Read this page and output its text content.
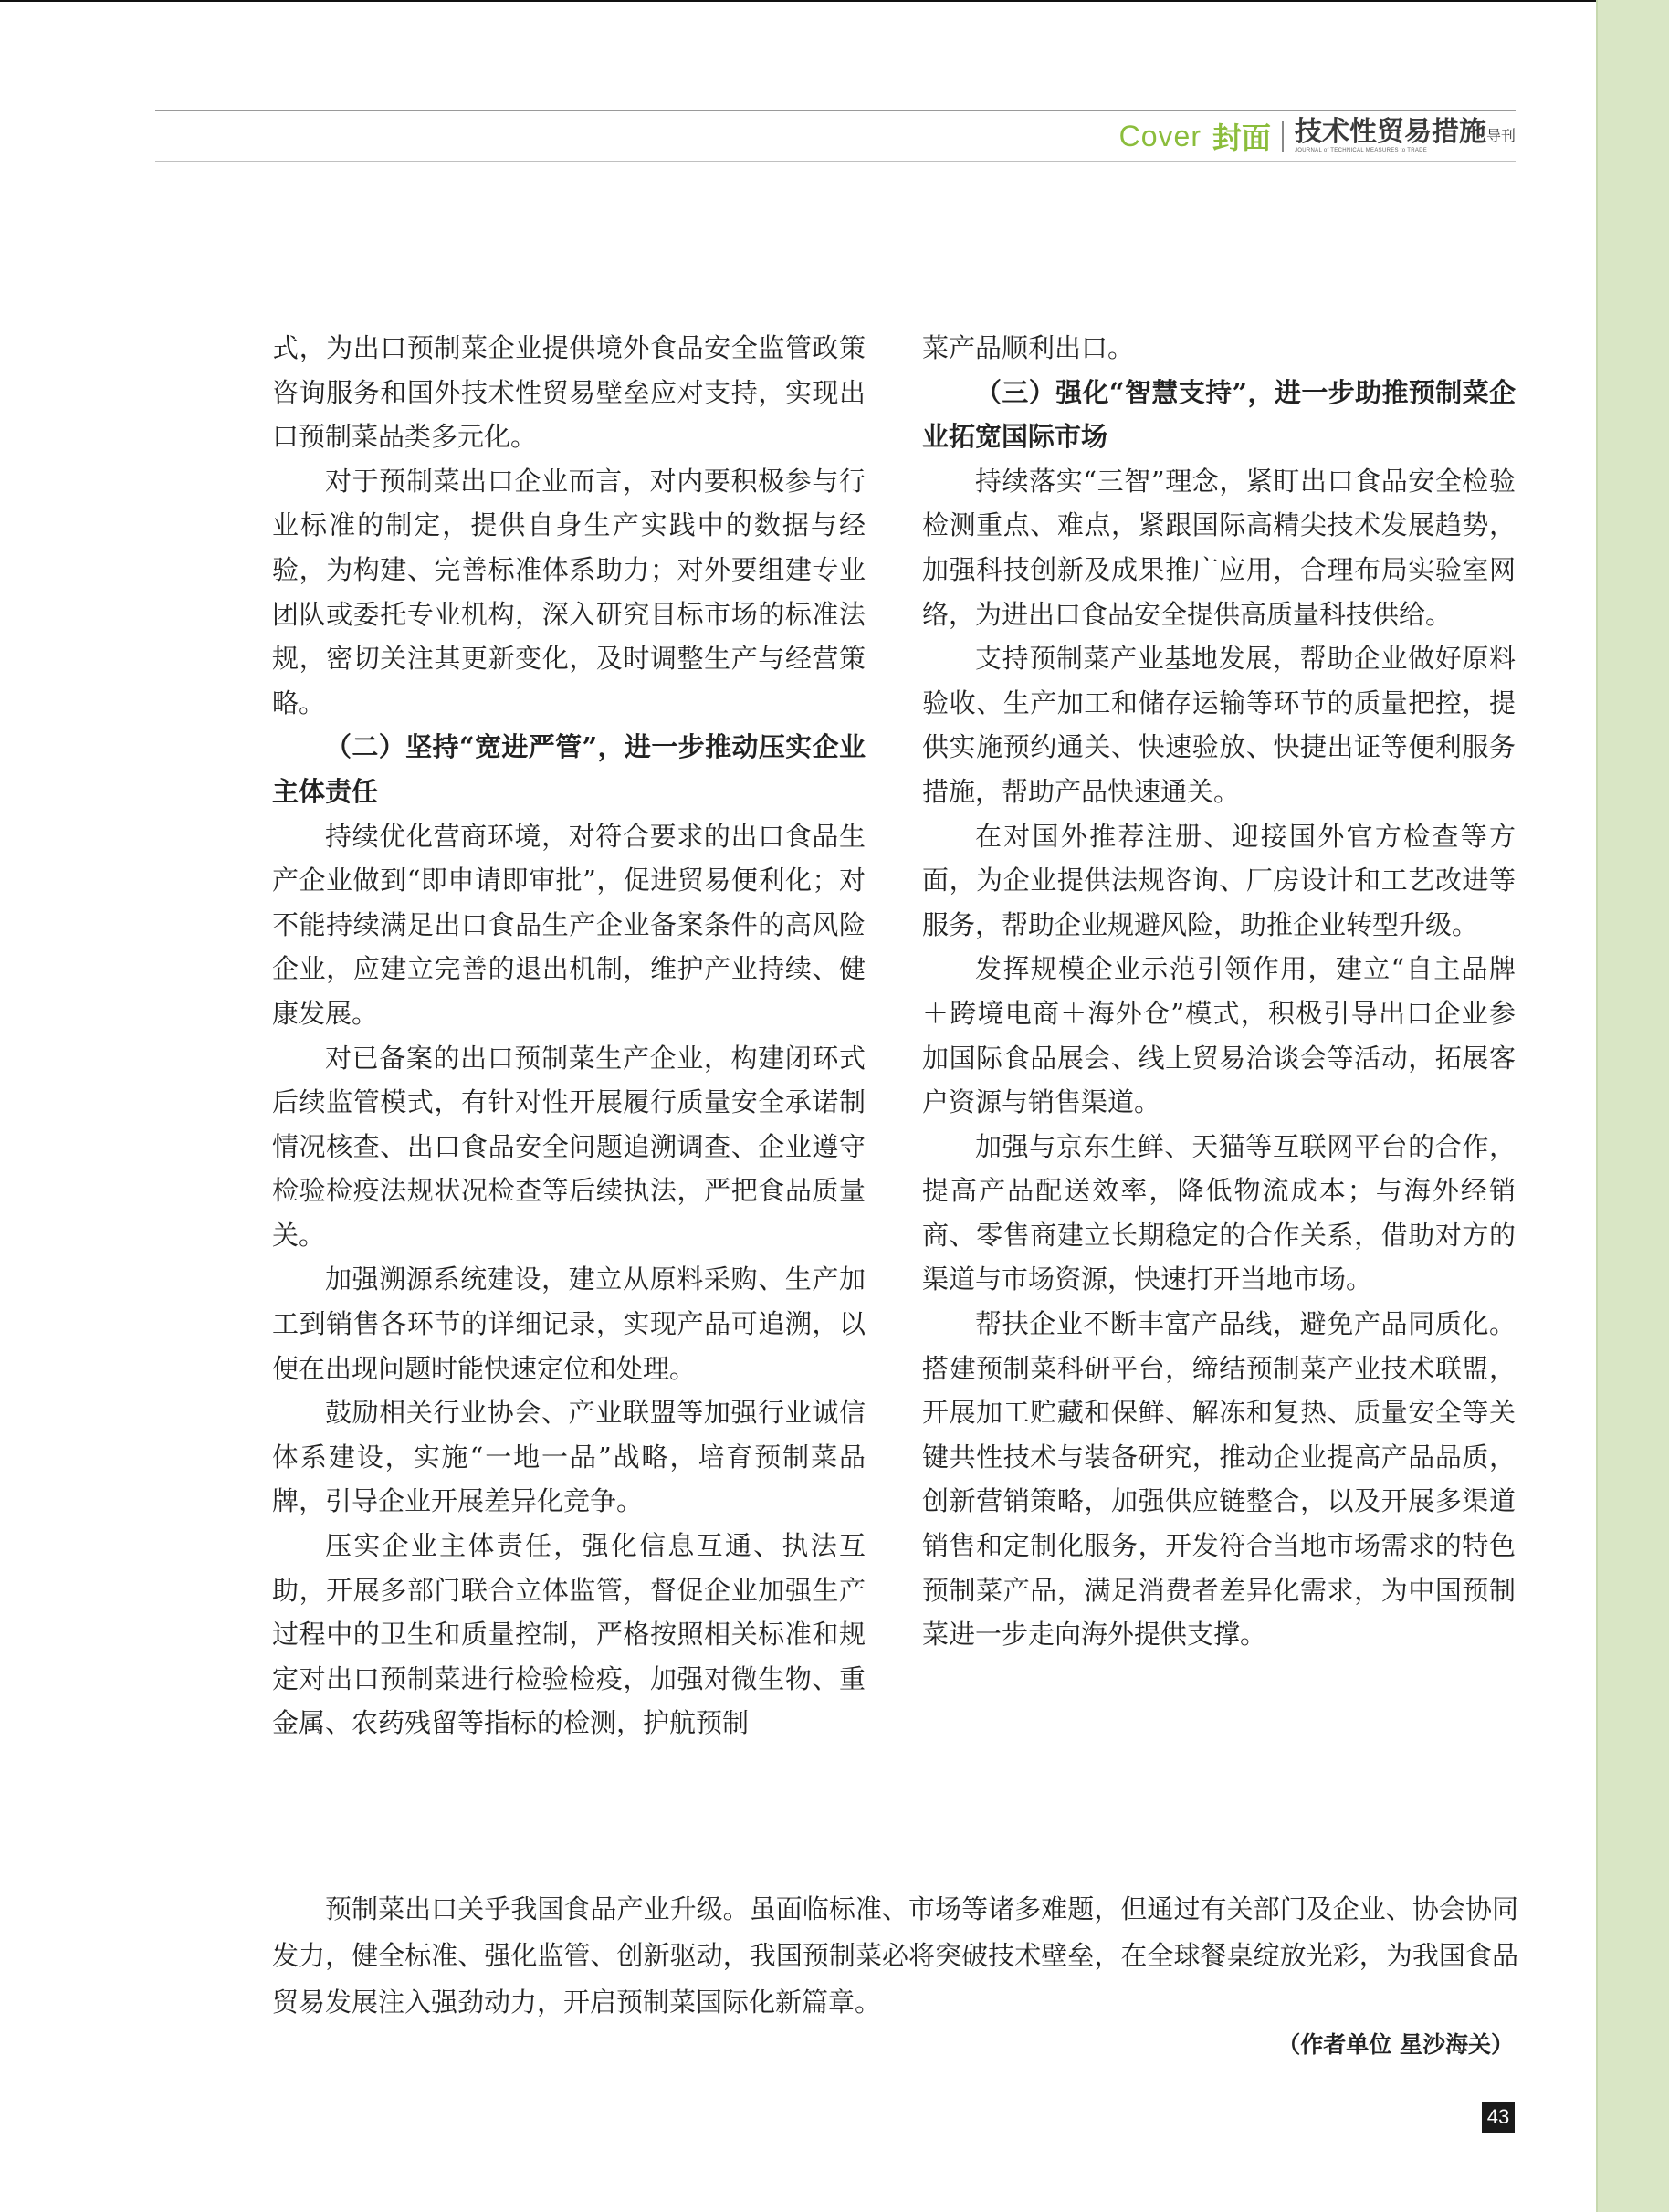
Cover 封面 技术性贸易措施导刊
JOURNAL of TECHNICAL MEASURES to TRADE

式，为出口预制菜企业提供境外食品安全监管政策咨询服务和国外技术性贸易壁垒应对支持，实现出口预制菜品类多元化。

对于预制菜出口企业而言，对内要积极参与行业标准的制定，提供自身生产实践中的数据与经验，为构建、完善标准体系助力；对外要组建专业团队或委托专业机构，深入研究目标市场的标准法规，密切关注其更新变化，及时调整生产与经营策略。

（二）坚持“宽进严管”，进一步推动压实企业主体责任

持续优化营商环境，对符合要求的出口食品生产企业做到“即申请即审批”，促进贸易便利化；对不能持续满足出口食品生产企业备案条件的高风险企业，应建立完善的退出机制，维护产业持续、健康发展。

对已备案的出口预制菜生产企业，构建闭环式后续监管模式，有针对性开展履行质量安全承诺制情况核查、出口食品安全问题追溯调查、企业遵守检验检疫法规状况检查等后续执法，严把食品质量关。

加强溯源系统建设，建立从原料采购、生产加工到销售各环节的详细记录，实现产品可追溯，以便在出现问题时能快速定位和处理。

鼓励相关行业协会、产业联盟等加强行业诚信体系建设，实施“一地一品”战略，培育预制菜品牌，引导企业开展差异化竞争。

压实企业主体责任，强化信息互通、执法互助，开展多部门联合立体监管，督促企业加强生产过程中的卫生和质量控制，严格按照相关标准和规定对出口预制菜进行检验检疫，加强对微生物、重金属、农药残留等指标的检测，护航预制

菜产品顺利出口。

（三）强化“智慧支持”，进一步助推预制菜企业拓宽国际市场

持续落实“三智”理念，紧盯出口食品安全检验检测重点、难点，紧跟国际高精尖技术发展趋势，加强科技创新及成果推广应用，合理布局实验室网络，为进出口食品安全提供高质量科技供给。

支持预制菜产业基地发展，帮助企业做好原料验收、生产加工和储存运输等环节的质量把控，提供实施预约通关、快速验放、快捷出证等便利服务措施，帮助产品快速通关。

在对国外推荐注册、迎接国外官方检查等方面，为企业提供法规咨询、厂房设计和工艺改进等服务，帮助企业规避风险，助推企业转型升级。

发挥规模企业示范引领作用，建立“自主品牌＋跨境电商＋海外仓”模式，积极引导出口企业参加国际食品展会、线上贸易洽谈会等活动，拓展客户资源与销售渠道。

加强与京东生鲜、天猫等互联网平台的合作，提高产品配送效率，降低物流成本；与海外经销商、零售商建立长期稳定的合作关系，借助对方的渠道与市场资源，快速打开当地市场。

帮扶企业不断丰富产品线，避免产品同质化。搭建预制菜科研平台，缔结预制菜产业技术联盟，开展加工贮藏和保鲜、解冻和复热、质量安全等关键共性技术与装备研究，推动企业提高产品品质，创新营销策略，加强供应链整合，以及开展多渠道销售和定制化服务，开发符合当地市场需求的特色预制菜产品，满足消费者差异化需求，为中国预制菜进一步走向海外提供支撑。

预制菜出口关乎我国食品产业升级。虽面临标准、市场等诸多难题，但通过有关部门及企业、协会协同发力，健全标准、强化监管、创新驱动，我国预制菜必将突破技术壁垒，在全球餐桌绽放光彩，为我国食品贸易发展注入强劲动力，开启预制菜国际化新篇章。

（作者单位 星沙海关）
43
